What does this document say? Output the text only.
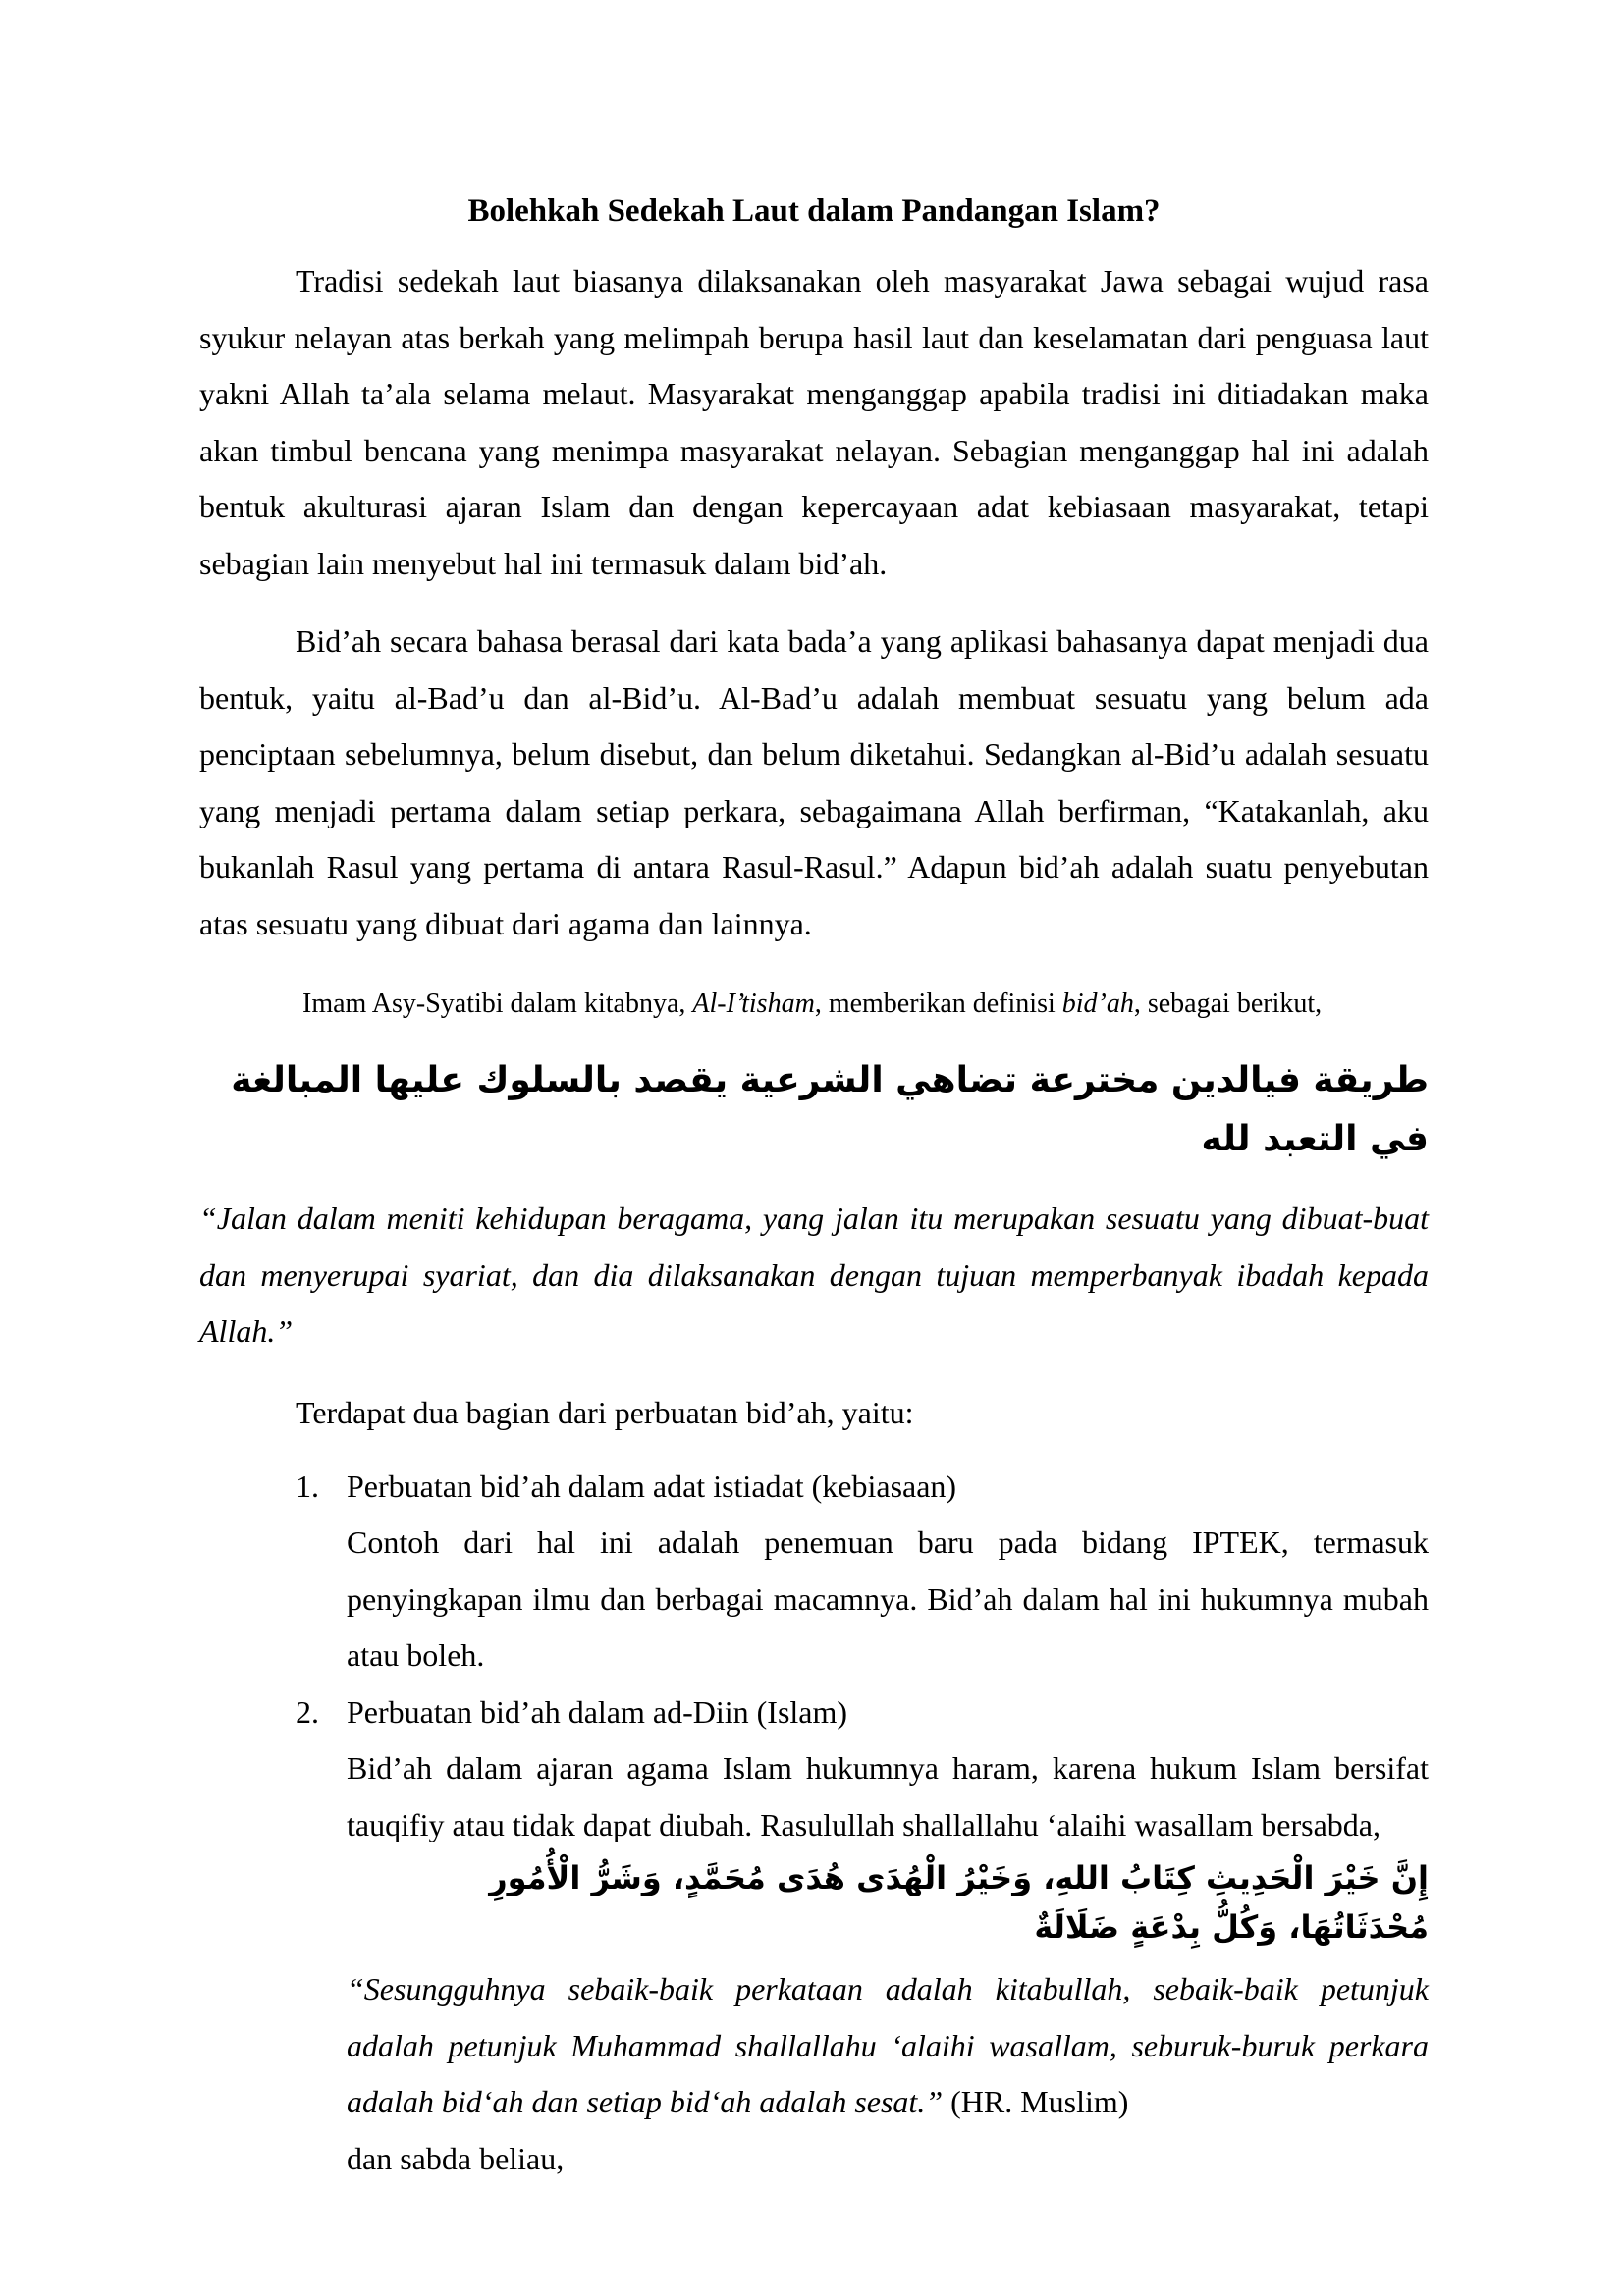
Bolehkah Sedekah Laut dalam Pandangan Islam?

Tradisi sedekah laut biasanya dilaksanakan oleh masyarakat Jawa sebagai wujud rasa syukur nelayan atas berkah yang melimpah berupa hasil laut dan keselamatan dari penguasa laut yakni Allah ta’ala selama melaut. Masyarakat menganggap apabila tradisi ini ditiadakan maka akan timbul bencana yang menimpa masyarakat nelayan. Sebagian menganggap hal ini adalah bentuk akulturasi ajaran Islam dan dengan kepercayaan adat kebiasaan masyarakat, tetapi sebagian lain menyebut hal ini termasuk dalam bid’ah.

Bid’ah secara bahasa berasal dari kata bada’a yang aplikasi bahasanya dapat menjadi dua bentuk, yaitu al-Bad’u dan al-Bid’u. Al-Bad’u adalah membuat sesuatu yang belum ada penciptaan sebelumnya, belum disebut, dan belum diketahui. Sedangkan al-Bid’u adalah sesuatu yang menjadi pertama dalam setiap perkara, sebagaimana Allah berfirman, “Katakanlah, aku bukanlah Rasul yang pertama di antara Rasul-Rasul.” Adapun bid’ah adalah suatu penyebutan atas sesuatu yang dibuat dari agama dan lainnya.

Imam Asy-Syatibi dalam kitabnya, Al-I’tisham, memberikan definisi bid’ah, sebagai berikut,

طريقة فيالدين مخترعة تضاهي الشرعية يقصد بالسلوك عليها المبالغة في التعبد لله

“Jalan dalam meniti kehidupan beragama, yang jalan itu merupakan sesuatu yang dibuat-buat dan menyerupai syariat, dan dia dilaksanakan dengan tujuan memperbanyak ibadah kepada Allah.”

Terdapat dua bagian dari perbuatan bid’ah, yaitu:

1. Perbuatan bid’ah dalam adat istiadat (kebiasaan)
Contoh dari hal ini adalah penemuan baru pada bidang IPTEK, termasuk penyingkapan ilmu dan berbagai macamnya. Bid’ah dalam hal ini hukumnya mubah atau boleh.
2. Perbuatan bid’ah dalam ad-Diin (Islam)
Bid’ah dalam ajaran agama Islam hukumnya haram, karena hukum Islam bersifat tauqifiy atau tidak dapat diubah. Rasulullah shallallahu ‘alaihi wasallam bersabda,

إِنَّ خَيْرَ الْحَدِيثِ كِتَابُ اللهِ، وَخَيْرُ الْهُدَى هُدَى مُحَمَّدٍ، وَشَرُّ الْأُمُورِ مُحْدَثَاتُهَا، وَكُلُّ بِدْعَةٍ ضَلَالَةٌ

“Sesungguhnya sebaik-baik perkataan adalah kitabullah, sebaik-baik petunjuk adalah petunjuk Muhammad shallallahu ‘alaihi wasallam, seburuk-buruk perkara adalah bid‘ah dan setiap bid‘ah adalah sesat.” (HR. Muslim)

dan sabda beliau,
